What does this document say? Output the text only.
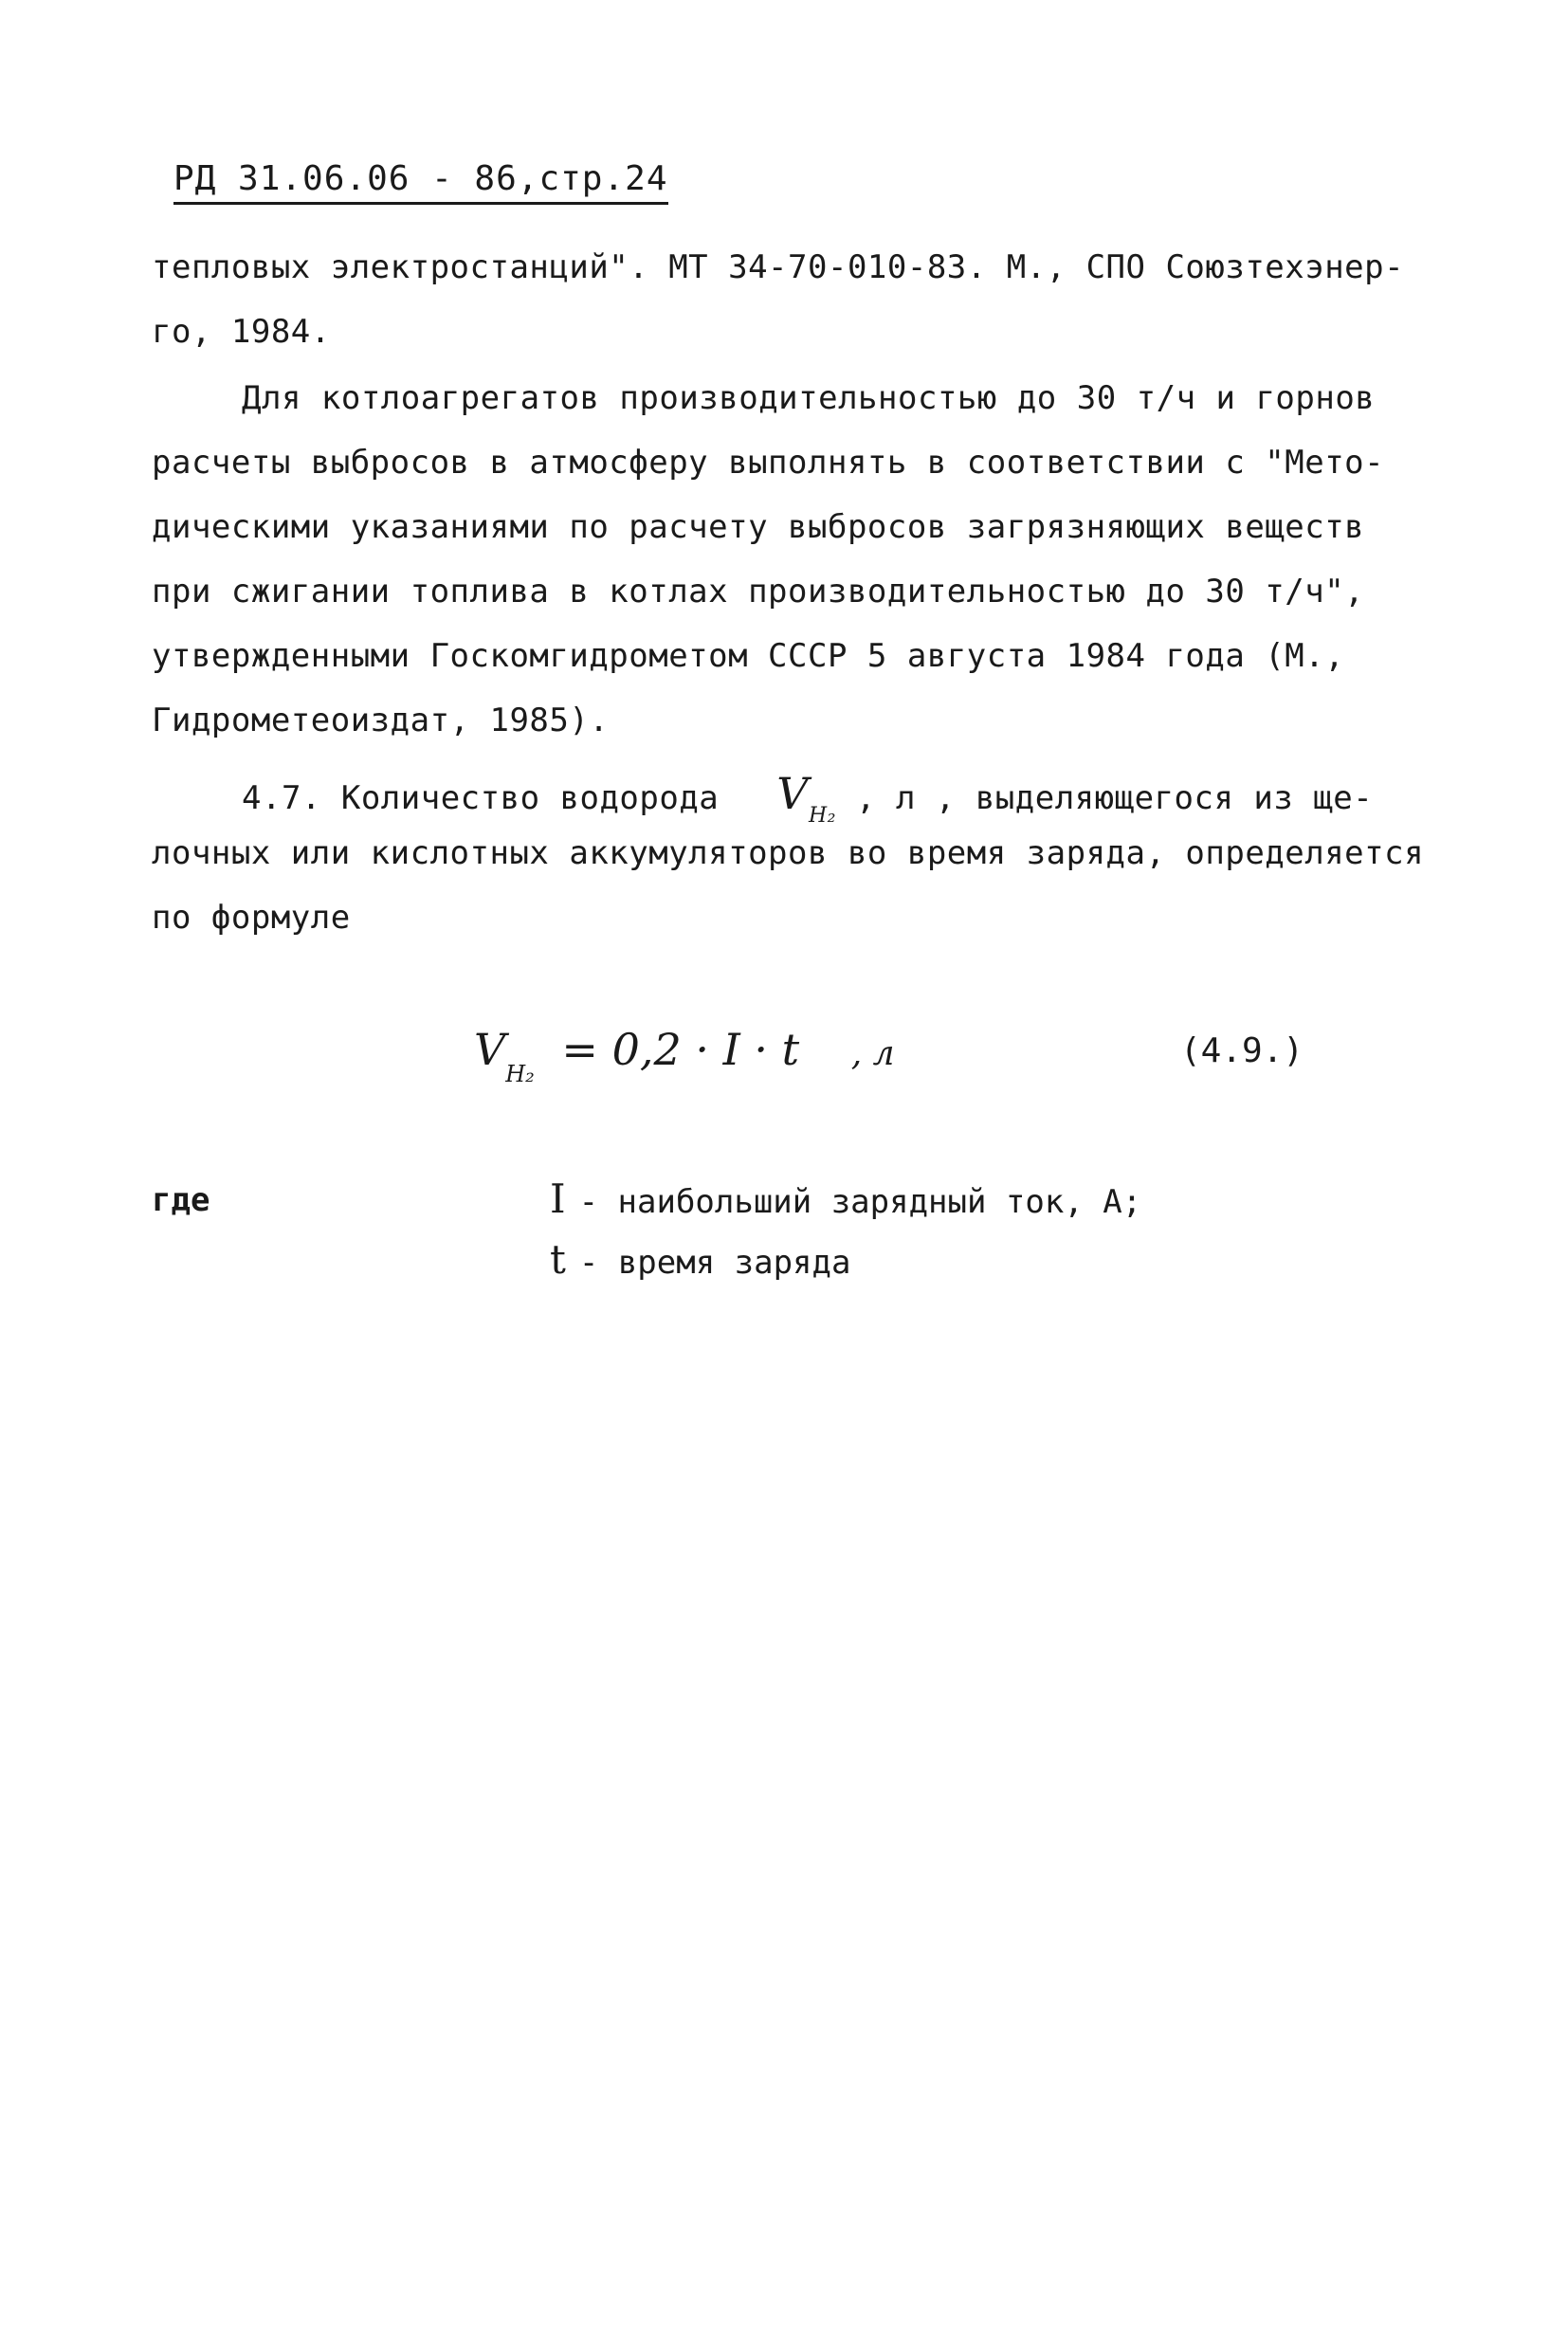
РД 31.06.06 - 86,стр.24
тепловых электростанций". МТ 34-70-010-83. М., СПО Союзтехэнер-
го, 1984.
Для котлоагрегатов производительностью до 30 т/ч и горнов
расчеты выбросов в атмосферу выполнять в соответствии с "Мето-
дическими указаниями по расчету выбросов загрязняющих веществ
при сжигании топлива в котлах производительностью до 30 т/ч",
утвержденными Госкомгидрометом СССР 5 августа 1984 года (М.,
Гидрометеоиздат, 1985).
4.7. Количество водорода $V_{H_2}$ , л , выделяющегося из ще-
лочных или кислотных аккумуляторов во время заряда, определяется
по формуле
$V_{H_2} = 0,2 \cdot I \cdot t$ , л	(4.9.)
где	I - наибольший зарядный ток, А;
t - время заряда
